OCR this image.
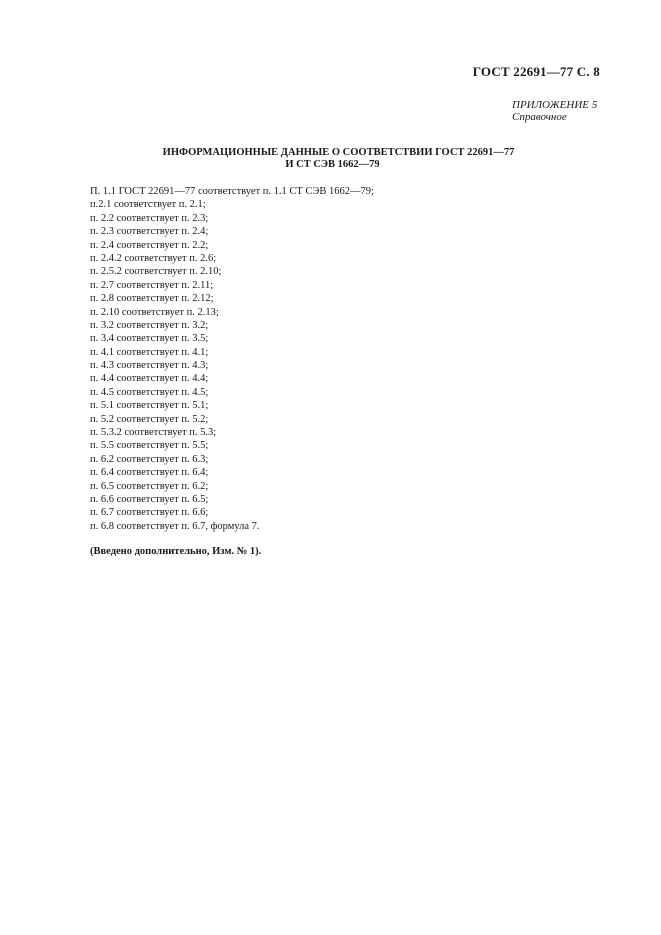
ГОСТ 22691—77 С. 8
ПРИЛОЖЕНИЕ 5
Справочное
ИНФОРМАЦИОННЫЕ ДАННЫЕ О СООТВЕТСТВИИ ГОСТ 22691—77
И СТ СЭВ 1662—79
П. 1.1 ГОСТ 22691—77 соответствует п. 1.1 СТ СЭВ 1662—79;
п.2.1 соответствует п. 2.1;
п. 2.2 соответствует п. 2.3;
п. 2.3 соответствует п. 2.4;
п. 2.4 соответствует п. 2.2;
п. 2.4.2 соответствует п. 2.6;
п. 2.5.2 соответствует п. 2.10;
п. 2.7 соответствует п. 2.11;
п. 2.8 соответствует п. 2.12;
п. 2.10 соответствует п. 2.13;
п. 3.2 соответствует п. 3.2;
п. 3.4 соответствует п. 3.5;
п. 4.1 соответствует п. 4.1;
п. 4.3 соответствует п. 4.3;
п. 4.4 соответствует п. 4.4;
п. 4.5 соответствует п. 4.5;
п. 5.1 соответствует п. 5.1;
п. 5.2 соответствует п. 5.2;
п. 5.3.2 соответствует п. 5.3;
п. 5.5 соответствует п. 5.5;
п. 6.2 соответствует п. 6.3;
п. 6.4 соответствует п. 6.4;
п. 6.5 соответствует п. 6.2;
п. 6.6 соответствует п. 6.5;
п. 6.7 соответствует п. 6.6;
п. 6.8 соответствует п. 6.7, формула 7.
(Введено дополнительно, Изм. № 1).
